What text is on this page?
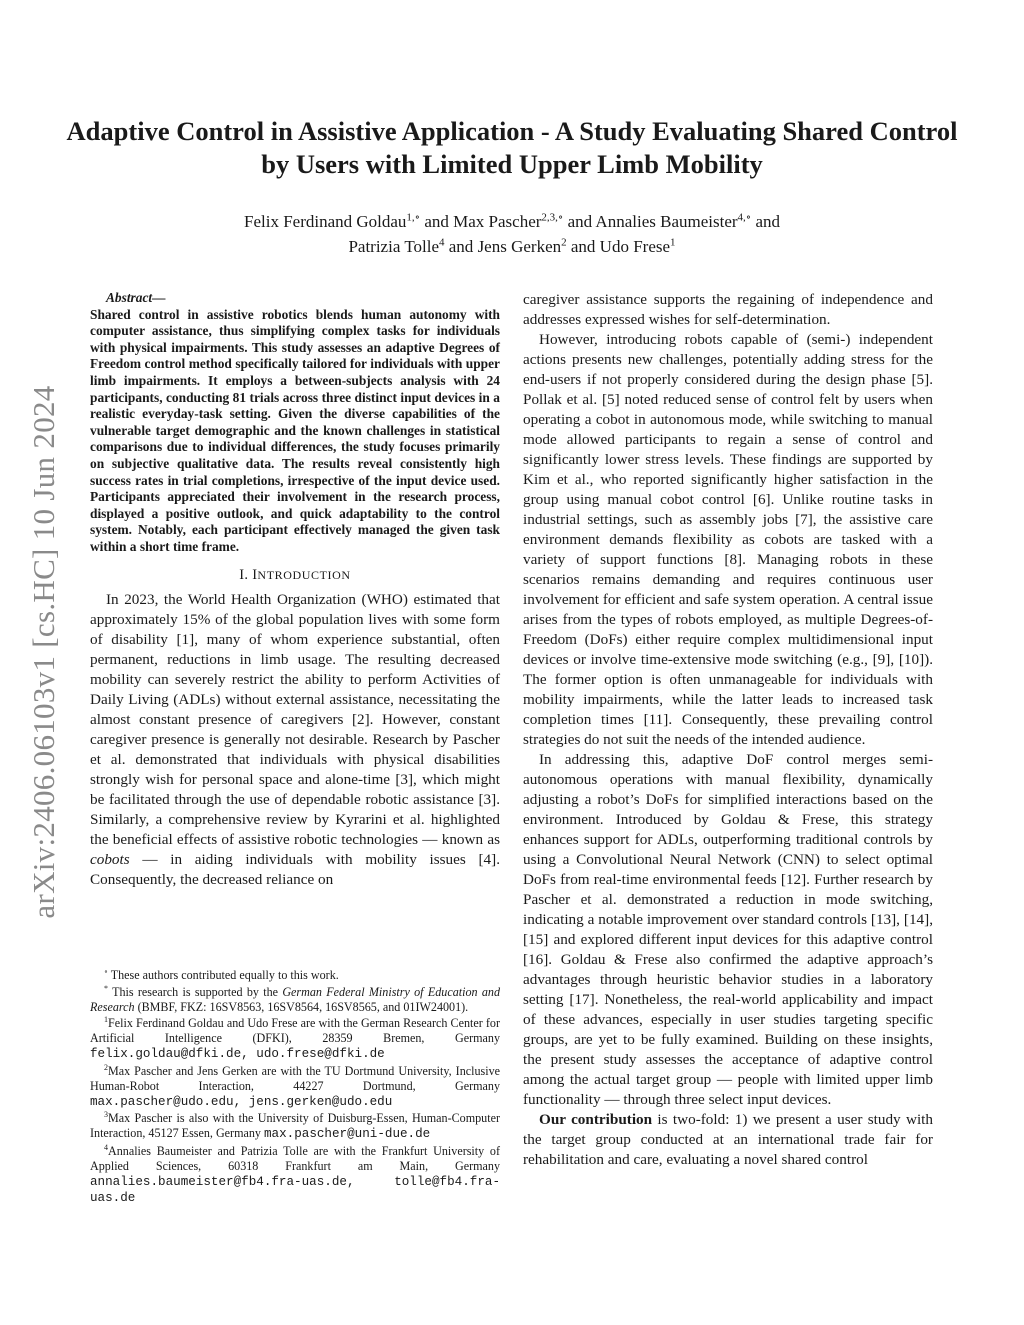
arXiv:2406.06103v1 [cs.HC] 10 Jun 2024
Adaptive Control in Assistive Application - A Study Evaluating Shared Control by Users with Limited Upper Limb Mobility
Felix Ferdinand Goldau$^{1,\circ}$ and Max Pascher$^{2,3,\circ}$ and Annalies Baumeister$^{4,\circ}$ and
Patrizia Tolle$^4$ and Jens Gerken$^2$ and Udo Frese$^1$
Abstract—
Shared control in assistive robotics blends human autonomy with computer assistance, thus simplifying complex tasks for individuals with physical impairments. This study assesses an adaptive Degrees of Freedom control method specifically tailored for individuals with upper limb impairments. It employs a between-subjects analysis with 24 participants, conducting 81 trials across three distinct input devices in a realistic everyday-task setting. Given the diverse capabilities of the vulnerable target demographic and the known challenges in statistical comparisons due to individual differences, the study focuses primarily on subjective qualitative data. The results reveal consistently high success rates in trial completions, irrespective of the input device used. Participants appreciated their involvement in the research process, displayed a positive outlook, and quick adaptability to the control system. Notably, each participant effectively managed the given task within a short time frame.
I. INTRODUCTION

In 2023, the World Health Organization (WHO) estimated that approximately 15% of the global population lives with some form of disability [1], many of whom experience substantial, often permanent, reductions in limb usage. The resulting decreased mobility can severely restrict the ability to perform Activities of Daily Living (ADLs) without external assistance, necessitating the almost constant presence of caregivers [2]. However, constant caregiver presence is generally not desirable. Research by Pascher et al. demonstrated that individuals with physical disabilities strongly wish for personal space and alone-time [3], which might be facilitated through the use of dependable robotic assistance [3]. Similarly, a comprehensive review by Kyrarini et al. highlighted the beneficial effects of assistive robotic technologies — known as cobots — in aiding individuals with mobility issues [4]. Consequently, the decreased reliance on

∘ These authors contributed equally to this work.

* This research is supported by the German Federal Ministry of Education and Research (BMBF, FKZ: 16SV8563, 16SV8564, 16SV8565, and 01IW24001).

$^1$Felix Ferdinand Goldau and Udo Frese are with the German Research Center for Artificial Intelligence (DFKI), 28359 Bremen, Germany felix.goldau@dfki.de, udo.frese@dfki.de

$^2$Max Pascher and Jens Gerken are with the TU Dortmund University, Inclusive Human-Robot Interaction, 44227 Dortmund, Germany max.pascher@udo.edu, jens.gerken@udo.edu

$^3$Max Pascher is also with the University of Duisburg-Essen, Human-Computer Interaction, 45127 Essen, Germany max.pascher@uni-due.de

$^4$Annalies Baumeister and Patrizia Tolle are with the Frankfurt University of Applied Sciences, 60318 Frankfurt am Main, Germany annalies.baumeister@fb4.fra-uas.de, tolle@fb4.fra-uas.de

caregiver assistance supports the regaining of independence and addresses expressed wishes for self-determination.

However, introducing robots capable of (semi-) independent actions presents new challenges, potentially adding stress for the end-users if not properly considered during the design phase [5]. Pollak et al. [5] noted reduced sense of control felt by users when operating a cobot in autonomous mode, while switching to manual mode allowed participants to regain a sense of control and significantly lower stress levels. These findings are supported by Kim et al., who reported significantly higher satisfaction in the group using manual cobot control [6]. Unlike routine tasks in industrial settings, such as assembly jobs [7], the assistive care environment demands flexibility as cobots are tasked with a variety of support functions [8]. Managing robots in these scenarios remains demanding and requires continuous user involvement for efficient and safe system operation. A central issue arises from the types of robots employed, as multiple Degrees-of-Freedom (DoFs) either require complex multidimensional input devices or involve time-extensive mode switching (e.g., [9], [10]). The former option is often unmanageable for individuals with mobility impairments, while the latter leads to increased task completion times [11]. Consequently, these prevailing control strategies do not suit the needs of the intended audience.

In addressing this, adaptive DoF control merges semi-autonomous operations with manual flexibility, dynamically adjusting a robot’s DoFs for simplified interactions based on the environment. Introduced by Goldau & Frese, this strategy enhances support for ADLs, outperforming traditional controls by using a Convolutional Neural Network (CNN) to select optimal DoFs from real-time environmental feeds [12]. Further research by Pascher et al. demonstrated a reduction in mode switching, indicating a notable improvement over standard controls [13], [14], [15] and explored different input devices for this adaptive control [16]. Goldau & Frese also confirmed the adaptive approach’s advantages through heuristic behavior studies in a laboratory setting [17]. Nonetheless, the real-world applicability and impact of these advances, especially in user studies targeting specific groups, are yet to be fully examined. Building on these insights, the present study assesses the acceptance of adaptive control among the actual target group — people with limited upper limb functionality — through three select input devices.

Our contribution is two-fold: 1) we present a user study with the target group conducted at an international trade fair for rehabilitation and care, evaluating a novel shared control
